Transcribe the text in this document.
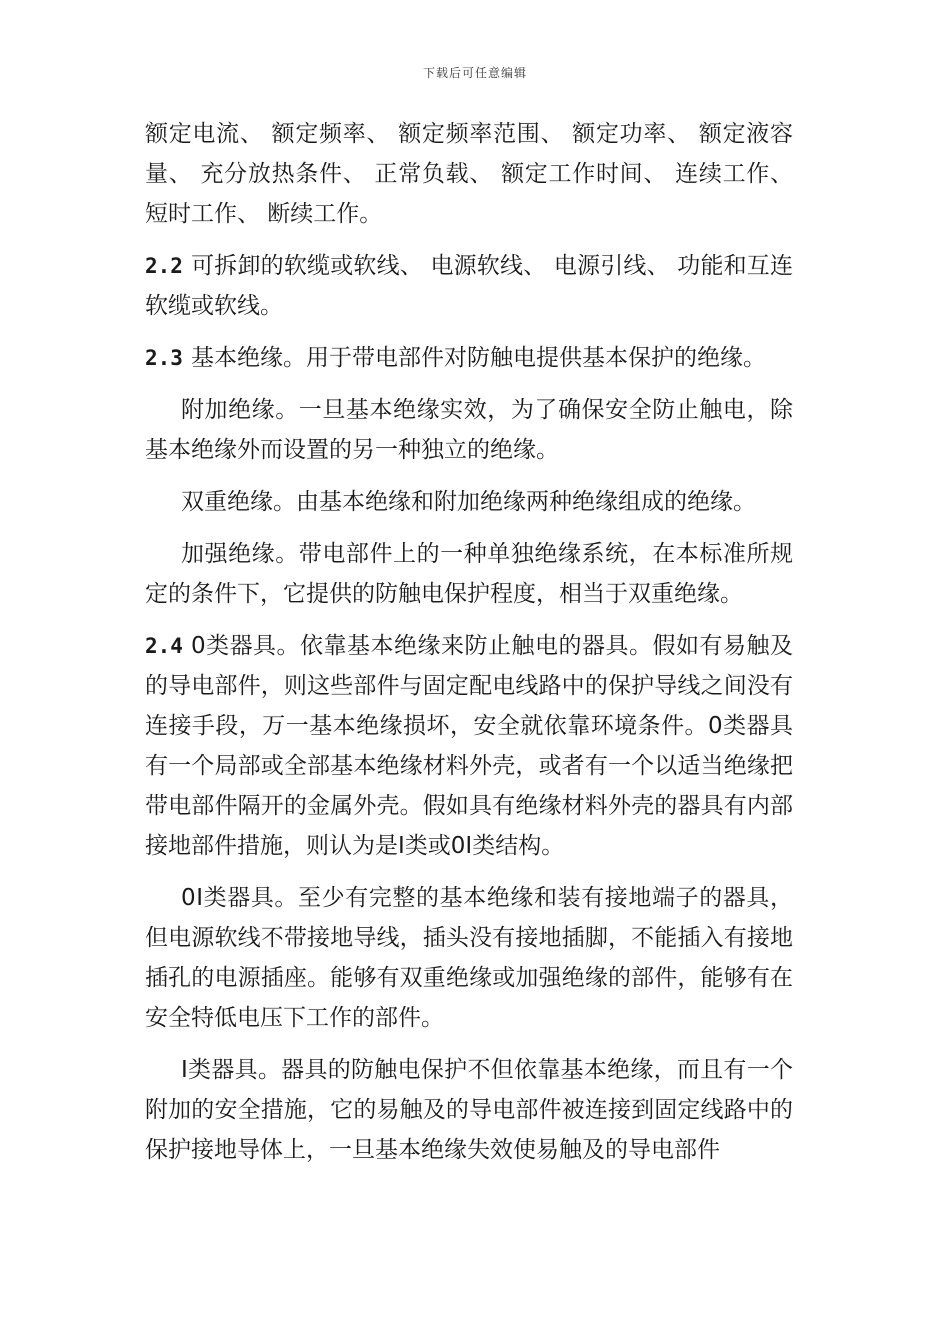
下载后可任意编辑

额定电流、 额定频率、 额定频率范围、 额定功率、 额定液容量、 充分放热条件、 正常负载、 额定工作时间、 连续工作、 短时工作、 断续工作。

2.2 可拆卸的软缆或软线、 电源软线、 电源引线、 功能和互连软缆或软线。

2.3 基本绝缘。用于带电部件对防触电提供基本保护的绝缘。

附加绝缘。一旦基本绝缘实效，为了确保安全防止触电，除基本绝缘外而设置的另一种独立的绝缘。

双重绝缘。由基本绝缘和附加绝缘两种绝缘组成的绝缘。

加强绝缘。带电部件上的一种单独绝缘系统，在本标准所规定的条件下，它提供的防触电保护程度，相当于双重绝缘。

2.4 0类器具。依靠基本绝缘来防止触电的器具。假如有易触及的导电部件，则这些部件与固定配电线路中的保护导线之间没有连接手段，万一基本绝缘损坏，安全就依靠环境条件。0类器具有一个局部或全部基本绝缘材料外壳，或者有一个以适当绝缘把带电部件隔开的金属外壳。假如具有绝缘材料外壳的器具有内部接地部件措施，则认为是Ⅰ类或0Ⅰ类结构。

0Ⅰ类器具。至少有完整的基本绝缘和装有接地端子的器具，但电源软线不带接地导线，插头没有接地插脚，不能插入有接地插孔的电源插座。能够有双重绝缘或加强绝缘的部件，能够有在安全特低电压下工作的部件。

Ⅰ类器具。器具的防触电保护不但依靠基本绝缘，而且有一个附加的安全措施，它的易触及的导电部件被连接到固定线路中的保护接地导体上，一旦基本绝缘失效使易触及的导电部件
